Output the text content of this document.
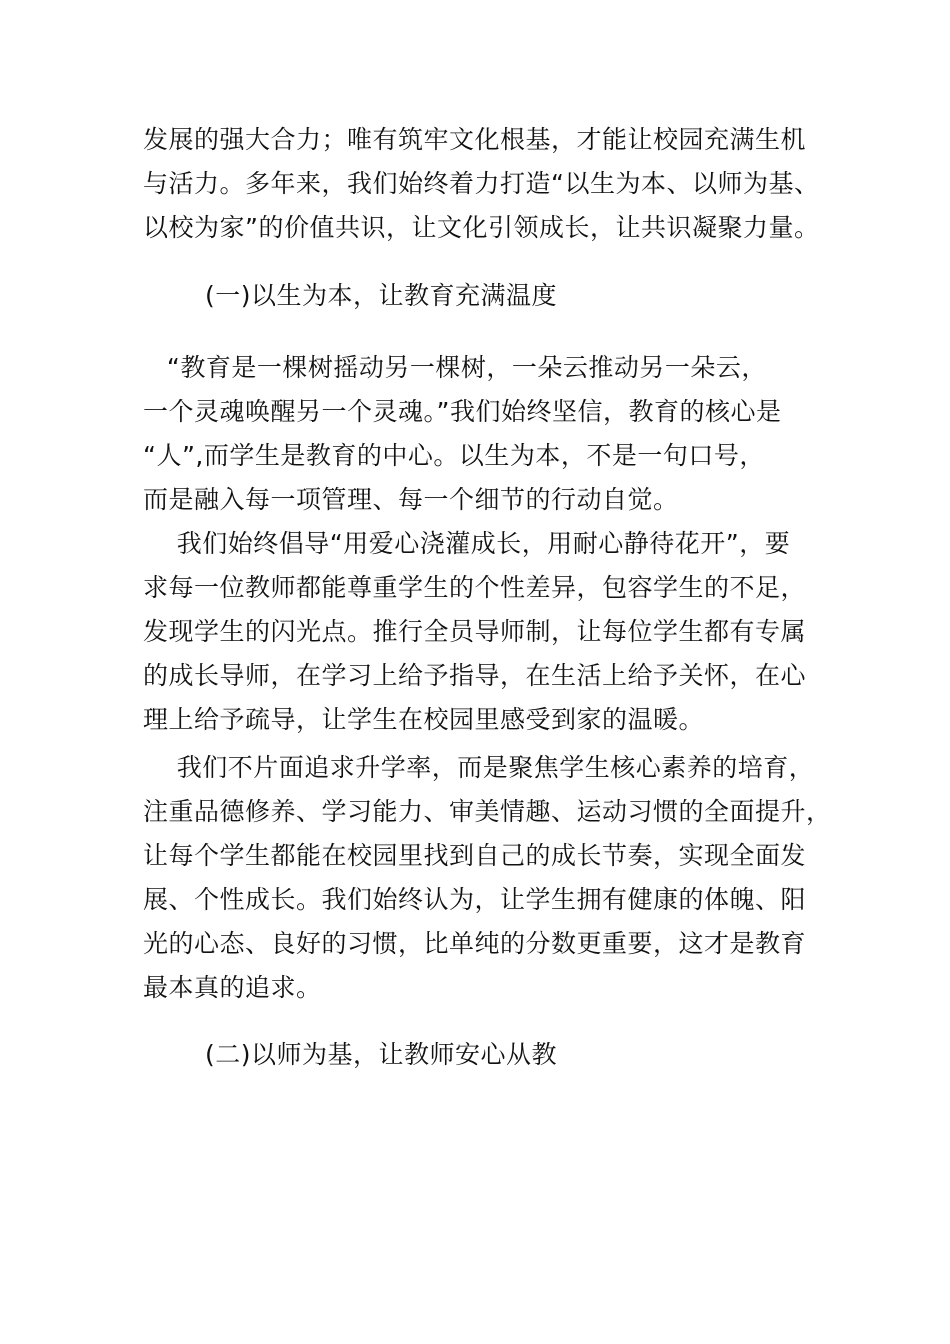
发展的强大合力；唯有筑牢文化根基，才能让校园充满生机
与活力。多年来，我们始终着力打造“以生为本、以师为基、
以校为家”的价值共识，让文化引领成长，让共识凝聚力量。
(一)以生为本，让教育充满温度
“教育是一棵树摇动另一棵树，一朵云推动另一朵云，
一个灵魂唤醒另一个灵魂。”我们始终坚信，教育的核心是
“人”,而学生是教育的中心。以生为本，不是一句口号，
而是融入每一项管理、每一个细节的行动自觉。
我们始终倡导“用爱心浇灌成长，用耐心静待花开”，要
求每一位教师都能尊重学生的个性差异，包容学生的不足，
发现学生的闪光点。推行全员导师制，让每位学生都有专属
的成长导师，在学习上给予指导，在生活上给予关怀，在心
理上给予疏导，让学生在校园里感受到家的温暖。
我们不片面追求升学率，而是聚焦学生核心素养的培育，
注重品德修养、学习能力、审美情趣、运动习惯的全面提升，
让每个学生都能在校园里找到自己的成长节奏，实现全面发
展、个性成长。我们始终认为，让学生拥有健康的体魄、阳
光的心态、良好的习惯，比单纯的分数更重要，这才是教育
最本真的追求。
(二)以师为基，让教师安心从教
